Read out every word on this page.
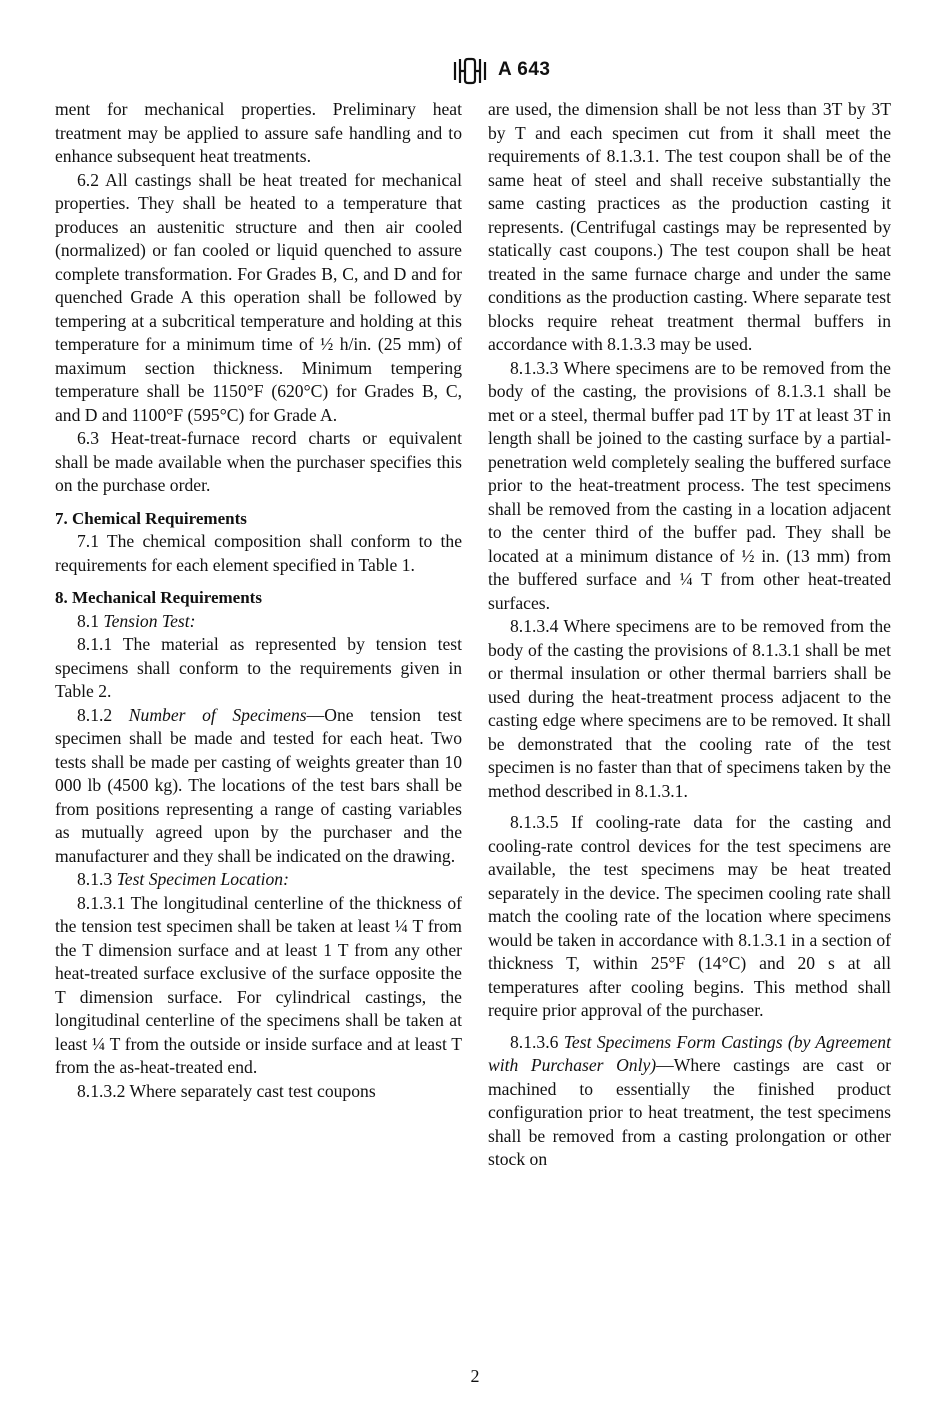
A 643

ment for mechanical properties. Preliminary heat treatment may be applied to assure safe handling and to enhance subsequent heat treatments.

6.2 All castings shall be heat treated for mechanical properties. They shall be heated to a temperature that produces an austenitic structure and then air cooled (normalized) or fan cooled or liquid quenched to assure complete transformation. For Grades B, C, and D and for quenched Grade A this operation shall be followed by tempering at a subcritical temperature and holding at this temperature for a minimum time of ½ h/in. (25 mm) of maximum section thickness. Minimum tempering temperature shall be 1150°F (620°C) for Grades B, C, and D and 1100°F (595°C) for Grade A.

6.3 Heat-treat-furnace record charts or equivalent shall be made available when the purchaser specifies this on the purchase order.

7. Chemical Requirements

7.1 The chemical composition shall conform to the requirements for each element specified in Table 1.

8. Mechanical Requirements

8.1 Tension Test:

8.1.1 The material as represented by tension test specimens shall conform to the requirements given in Table 2.

8.1.2 Number of Specimens—One tension test specimen shall be made and tested for each heat. Two tests shall be made per casting of weights greater than 10 000 lb (4500 kg). The locations of the test bars shall be from positions representing a range of casting variables as mutually agreed upon by the purchaser and the manufacturer and they shall be indicated on the drawing.

8.1.3 Test Specimen Location:

8.1.3.1 The longitudinal centerline of the thickness of the tension test specimen shall be taken at least ¼ T from the T dimension surface and at least 1 T from any other heat-treated surface exclusive of the surface opposite the T dimension surface. For cylindrical castings, the longitudinal centerline of the specimens shall be taken at least ¼ T from the outside or inside surface and at least T from the as-heat-treated end.

8.1.3.2 Where separately cast test coupons

are used, the dimension shall be not less than 3T by 3T by T and each specimen cut from it shall meet the requirements of 8.1.3.1. The test coupon shall be of the same heat of steel and shall receive substantially the same casting practices as the production casting it represents. (Centrifugal castings may be represented by statically cast coupons.) The test coupon shall be heat treated in the same furnace charge and under the same conditions as the production casting. Where separate test blocks require reheat treatment thermal buffers in accordance with 8.1.3.3 may be used.

8.1.3.3 Where specimens are to be removed from the body of the casting, the provisions of 8.1.3.1 shall be met or a steel, thermal buffer pad 1T by 1T at least 3T in length shall be joined to the casting surface by a partial-penetration weld completely sealing the buffered surface prior to the heat-treatment process. The test specimens shall be removed from the casting in a location adjacent to the center third of the buffer pad. They shall be located at a minimum distance of ½ in. (13 mm) from the buffered surface and ¼ T from other heat-treated surfaces.

8.1.3.4 Where specimens are to be removed from the body of the casting the provisions of 8.1.3.1 shall be met or thermal insulation or other thermal barriers shall be used during the heat-treatment process adjacent to the casting edge where specimens are to be removed. It shall be demonstrated that the cooling rate of the test specimen is no faster than that of specimens taken by the method described in 8.1.3.1.

8.1.3.5 If cooling-rate data for the casting and cooling-rate control devices for the test specimens are available, the test specimens may be heat treated separately in the device. The specimen cooling rate shall match the cooling rate of the location where specimens would be taken in accordance with 8.1.3.1 in a section of thickness T, within 25°F (14°C) and 20 s at all temperatures after cooling begins. This method shall require prior approval of the purchaser.

8.1.3.6 Test Specimens Form Castings (by Agreement with Purchaser Only)—Where castings are cast or machined to essentially the finished product configuration prior to heat treatment, the test specimens shall be removed from a casting prolongation or other stock on

2
